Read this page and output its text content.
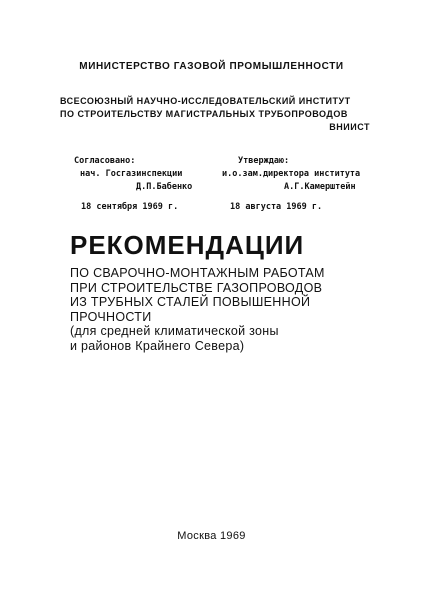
МИНИСТЕРСТВО ГАЗОВОЙ ПРОМЫШЛЕННОСТИ
ВСЕСОЮЗНЫЙ НАУЧНО-ИССЛЕДОВАТЕЛЬСКИЙ ИНСТИТУТ
ПО СТРОИТЕЛЬСТВУ МАГИСТРАЛЬНЫХ ТРУБОПРОВОДОВ
ВНИИСТ
Согласовано:
нач. Госгазинспекции
Д.П.Бабенко
18 сентября 1969 г.
Утверждаю:
и.о.зам.директора института
А.Г.Камерштейн
18 августа 1969 г.
РЕКОМЕНДАЦИИ
ПО СВАРОЧНО-МОНТАЖНЫМ РАБОТАМ
ПРИ СТРОИТЕЛЬСТВЕ ГАЗОПРОВОДОВ
ИЗ ТРУБНЫХ СТАЛЕЙ ПОВЫШЕННОЙ
ПРОЧНОСТИ
(для средней климатической зоны
и районов Крайнего Севера)
Москва 1969
